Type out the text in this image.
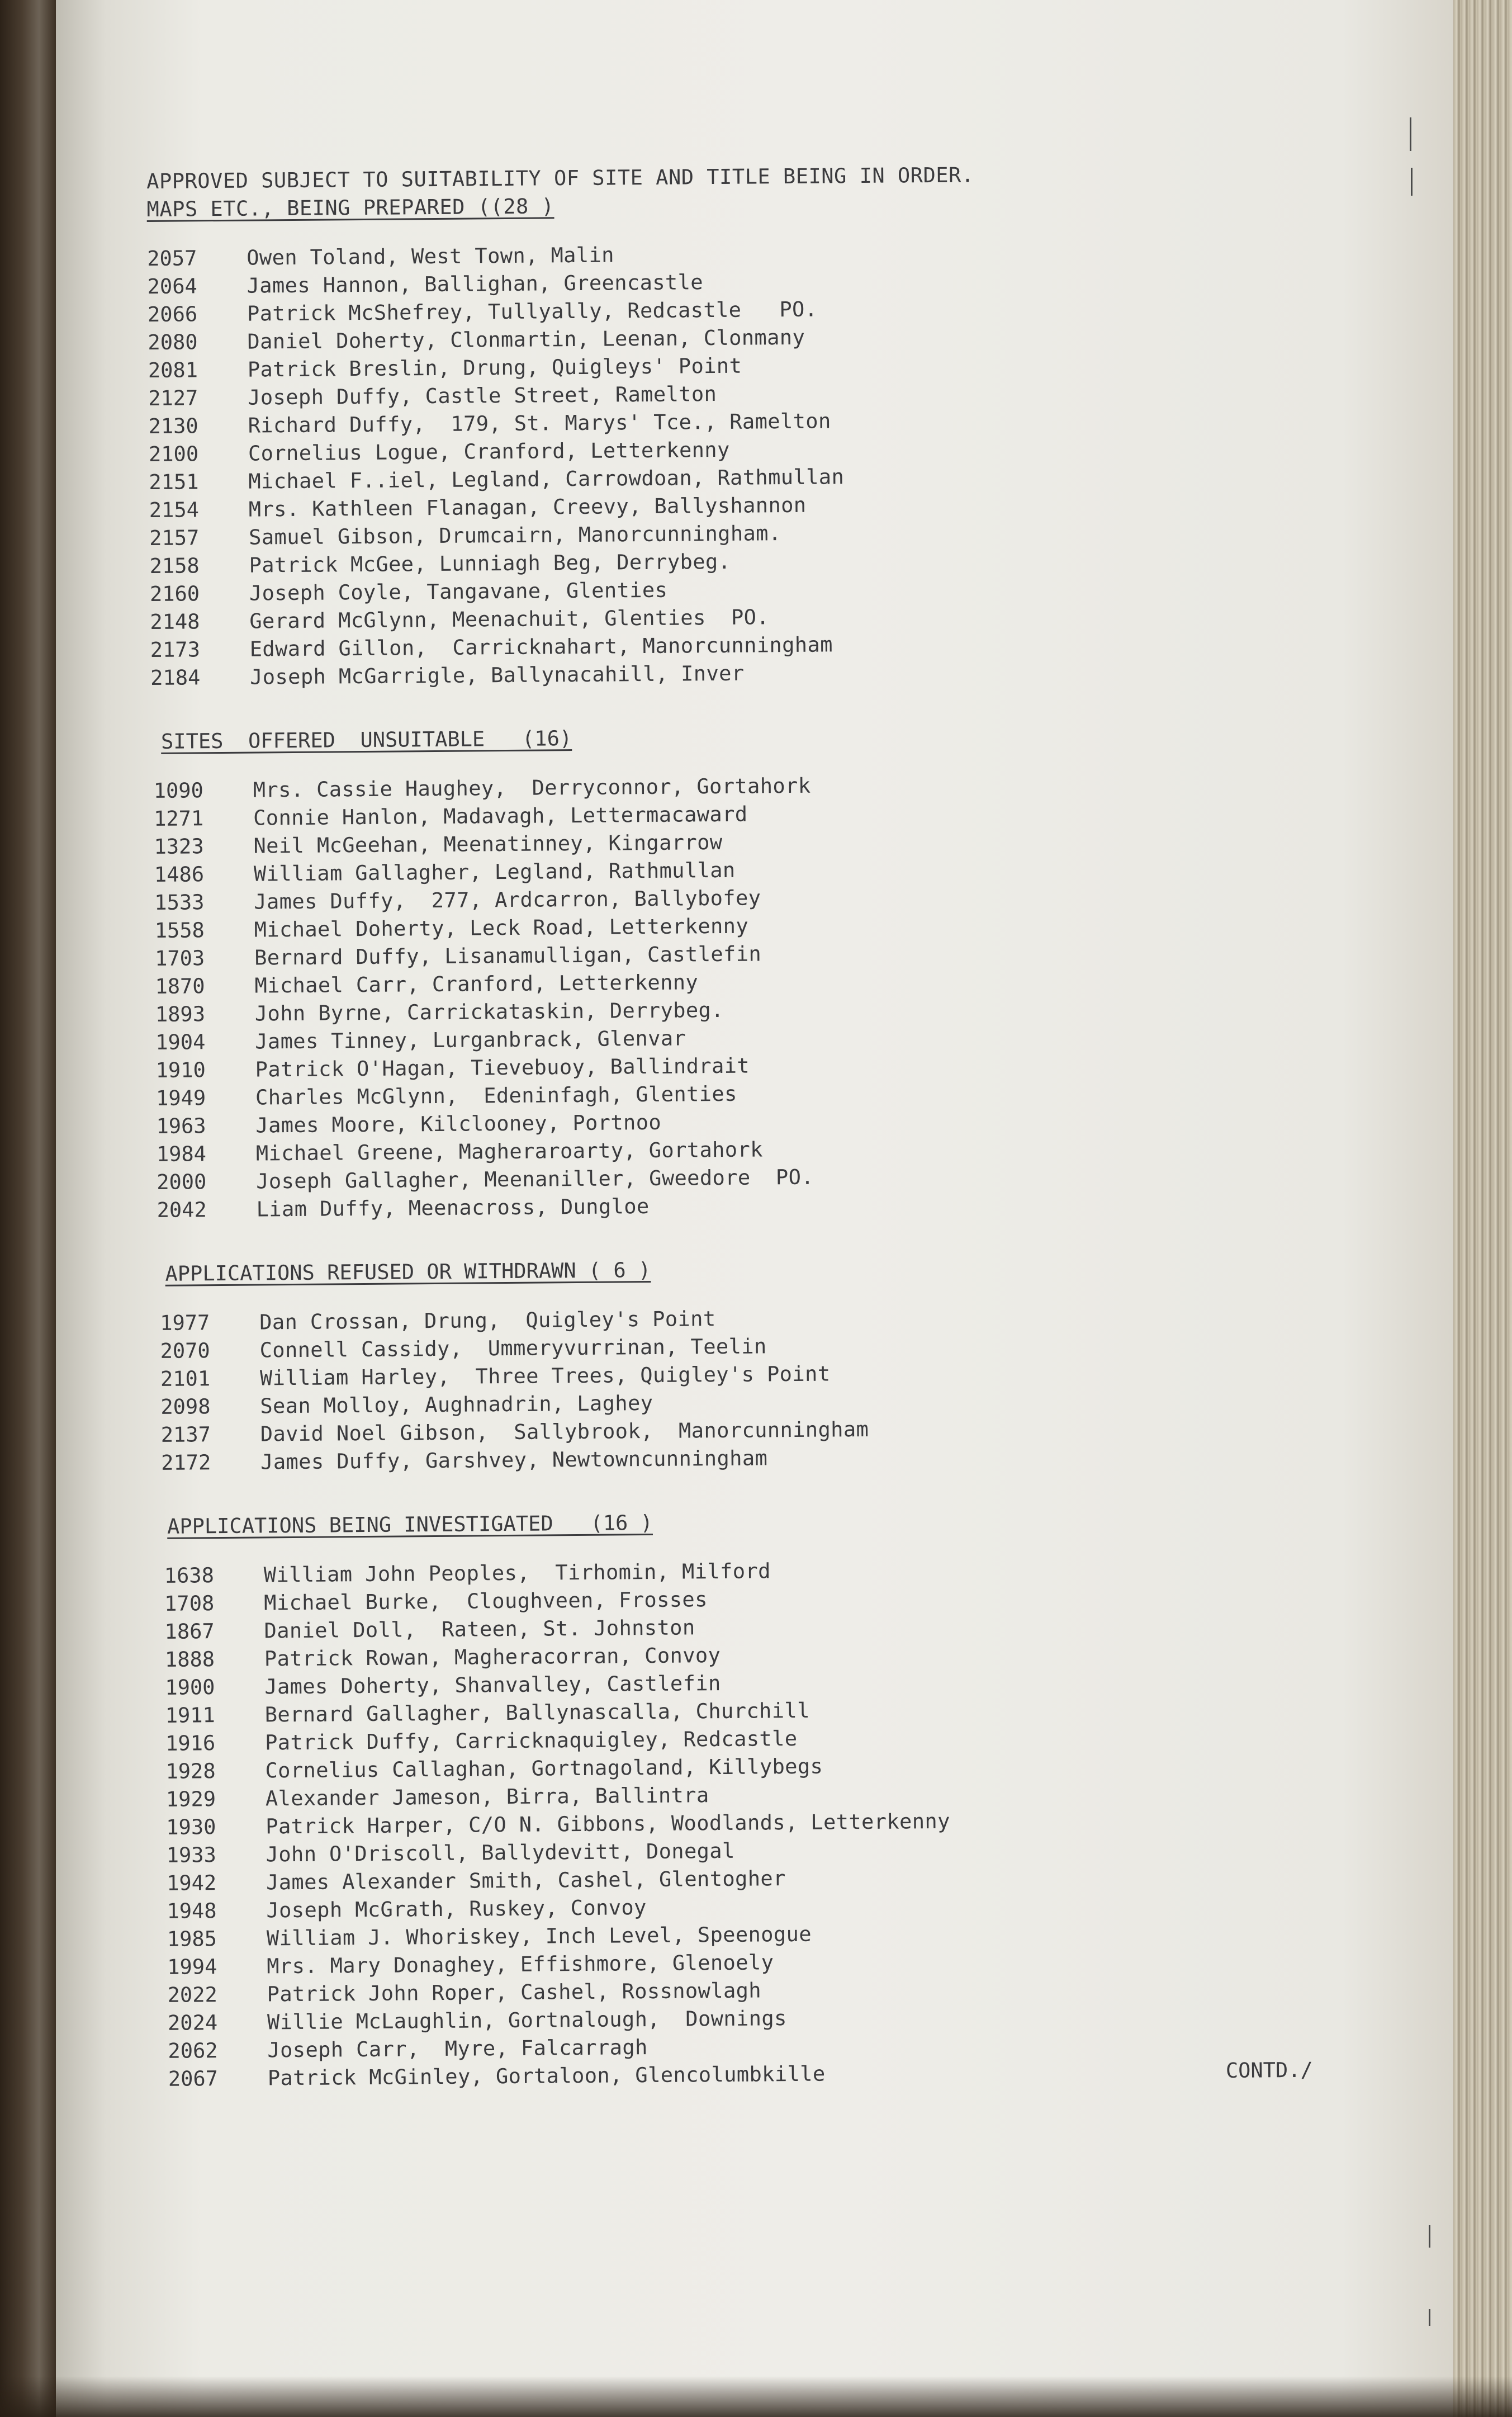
APPROVED SUBJECT TO SUITABILITY OF SITE AND TITLE BEING IN ORDER.
MAPS ETC., BEING PREPARED ((28 )
2057	Owen Toland, West Town, Malin
2064	James Hannon, Ballighаn, Greencastle
2066	Patrick McShefrey, Tullyally, Redcastle   PO.
2080	Daniel Doherty, Clonmartin, Leenan, Clonmany
2081	Patrick Breslin, Drung, Quigleys' Point
2127	Joseph Duffy, Castle Street, Ramelton
2130	Richard Duffy,  179, St. Marys' Tce., Ramelton
2100	Cornelius Logue, Cranford, Letterkenny
2151	Michael F..iel, Legland, Carrowdoan, Rathmullan
2154	Mrs. Kathleen Flanagan, Creevy, Ballyshannon
2157	Samuel Gibson, Drumcairn, Manorcunningham.
2158	Patrick McGee, Lunniagh Beg, Derrybeg.
2160	Joseph Coyle, Tangavane, Glenties
2148	Gerard McGlynn, Meenachuit, Glenties  PO.
2173	Edward Gillon,  Carricknahart, Manorcunningham
2184	Joseph McGarrigle, Ballynacahill, Inver
SITES  OFFERED  UNSUITABLE   (16)
1090	Mrs. Cassie Haughey,  Derryconnor, Gortahork
1271	Connie Hanlon, Madavagh, Lettermacaward
1323	Neil McGeehan, Meenatinney, Kingarrow
1486	William Gallagher, Legland, Rathmullan
1533	James Duffy,  277, Ardcarron, Ballybofey
1558	Michael Doherty, Leck Road, Letterkenny
1703	Bernard Duffy, Lisanamulligan, Castlefin
1870	Michael Carr, Cranford, Letterkenny
1893	John Byrne, Carrickataskin, Derrybeg.
1904	James Tinney, Lurganbrack, Glenvar
1910	Patrick O'Hagan, Tievebuoy, Ballindrait
1949	Charles McGlynn,  Edeninfagh, Glenties
1963	James Moore, Kilclooney, Portnoo
1984	Michael Greene, Magheraroarty, Gortahork
2000	Joseph Gallagher, Meenaniller, Gweedore  PO.
2042	Liam Duffy, Meenacross, Dungloe
APPLICATIONS REFUSED OR WITHDRAWN ( 6 )
1977	Dan Crossan, Drung,  Quigley's Point
2070	Connell Cassidy,  Ummeryvurrinan, Teelin
2101	William Harley,  Three Trees, Quigley's Point
2098	Sean Molloy, Aughnadrin, Laghey
2137	David Noel Gibson,  Sallybrook,  Manorcunningham
2172	James Duffy, Garshvey, Newtowncunningham
APPLICATIONS BEING INVESTIGATED   (16 )
1638	William John Peoples,  Tirhomin, Milford
1708	Michael Burke,  Cloughveen, Frosses
1867	Daniel Doll,  Rateen, St. Johnston
1888	Patrick Rowan, Magheracorran, Convoy
1900	James Doherty, Shanvalley, Castlefin
1911	Bernard Gallagher, Ballynascalla, Churchill
1916	Patrick Duffy, Carricknaquigley, Redcastle
1928	Cornelius Callaghan, Gortnagoland, Killybegs
1929	Alexander Jameson, Birra, Ballintra
1930	Patrick Harper, C/O N. Gibbons, Woodlands, Letterkenny
1933	John O'Driscoll, Ballydevitt, Donegal
1942	James Alexander Smith, Cashel, Glentogher
1948	Joseph McGrath, Ruskey, Convoy
1985	William J. Whoriskey, Inch Level, Speenogue
1994	Mrs. Mary Donaghey, Effishmore, Glenoely
2022	Patrick John Roper, Cashel, Rossnowlagh
2024	Willie McLaughlin, Gortnalough,  Downings
2062	Joseph Carr,  Myre, Falcarragh
2067	Patrick McGinley, Gortaloon, Glencolumbkille	CONTD./
